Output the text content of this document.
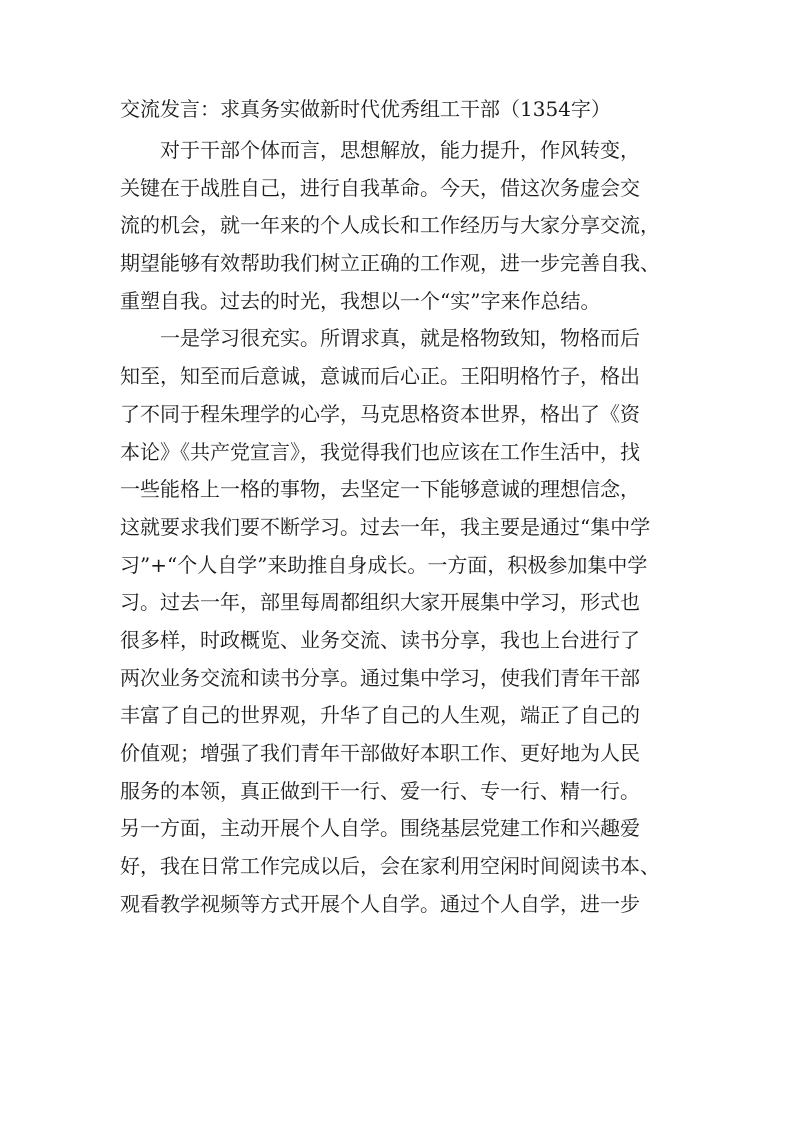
交流发言：求真务实做新时代优秀组工干部（1354字）
对于干部个体而言，思想解放，能力提升，作风转变，
关键在于战胜自己，进行自我革命。今天，借这次务虚会交
流的机会，就一年来的个人成长和工作经历与大家分享交流，
期望能够有效帮助我们树立正确的工作观，进一步完善自我、
重塑自我。过去的时光，我想以一个“实”字来作总结。
一是学习很充实。所谓求真，就是格物致知，物格而后
知至，知至而后意诚，意诚而后心正。王阳明格竹子，格出
了不同于程朱理学的心学，马克思格资本世界，格出了《资
本论》《共产党宣言》，我觉得我们也应该在工作生活中，找
一些能格上一格的事物，去坚定一下能够意诚的理想信念，
这就要求我们要不断学习。过去一年，我主要是通过“集中学
习”+“个人自学”来助推自身成长。一方面，积极参加集中学
习。过去一年，部里每周都组织大家开展集中学习，形式也
很多样，时政概览、业务交流、读书分享，我也上台进行了
两次业务交流和读书分享。通过集中学习，使我们青年干部
丰富了自己的世界观，升华了自己的人生观，端正了自己的
价值观；增强了我们青年干部做好本职工作、更好地为人民
服务的本领，真正做到干一行、爱一行、专一行、精一行。
另一方面，主动开展个人自学。围绕基层党建工作和兴趣爱
好，我在日常工作完成以后，会在家利用空闲时间阅读书本、
观看教学视频等方式开展个人自学。通过个人自学，进一步
